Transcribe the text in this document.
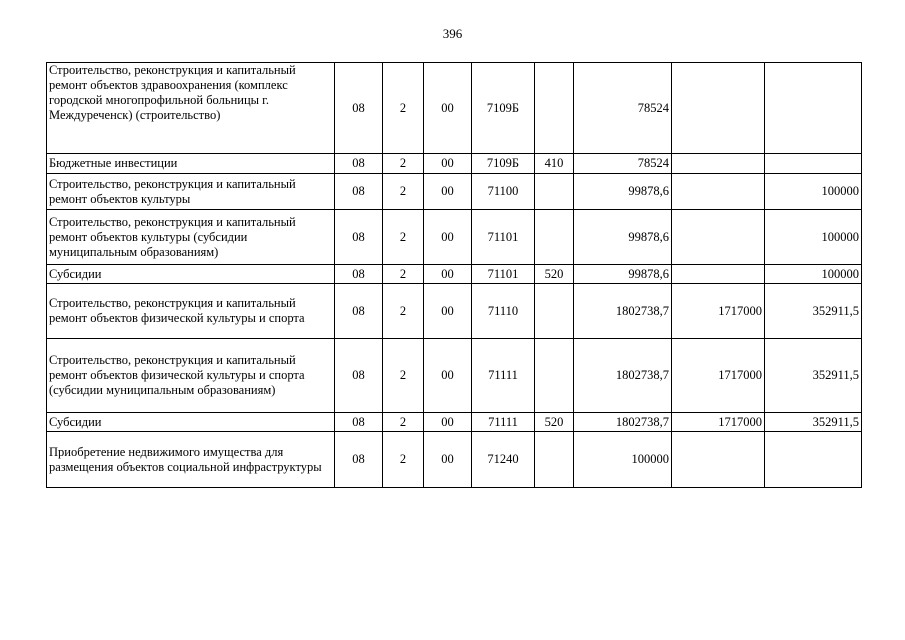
396
Строительство, реконструкция и капитальный ремонт объектов здравоохранения (комплекс городской многопрофильной больницы г. Междуреченск) (строительство)	08	2	00	7109Б		78524		
Бюджетные инвестиции	08	2	00	7109Б	410	78524		
Строительство, реконструкция и капитальный ремонт объектов культуры	08	2	00	71100		99878,6		100000
Строительство, реконструкция и капитальный ремонт объектов культуры (субсидии муниципальным образованиям)	08	2	00	71101		99878,6		100000
Субсидии	08	2	00	71101	520	99878,6		100000
Строительство, реконструкция и капитальный ремонт объектов физической культуры и спорта	08	2	00	71110		1802738,7	1717000	352911,5
Строительство, реконструкция и капитальный ремонт объектов физической культуры и спорта (субсидии муниципальным образованиям)	08	2	00	71111		1802738,7	1717000	352911,5
Субсидии	08	2	00	71111	520	1802738,7	1717000	352911,5
Приобретение недвижимого имущества для размещения объектов социальной инфраструктуры	08	2	00	71240		100000		
